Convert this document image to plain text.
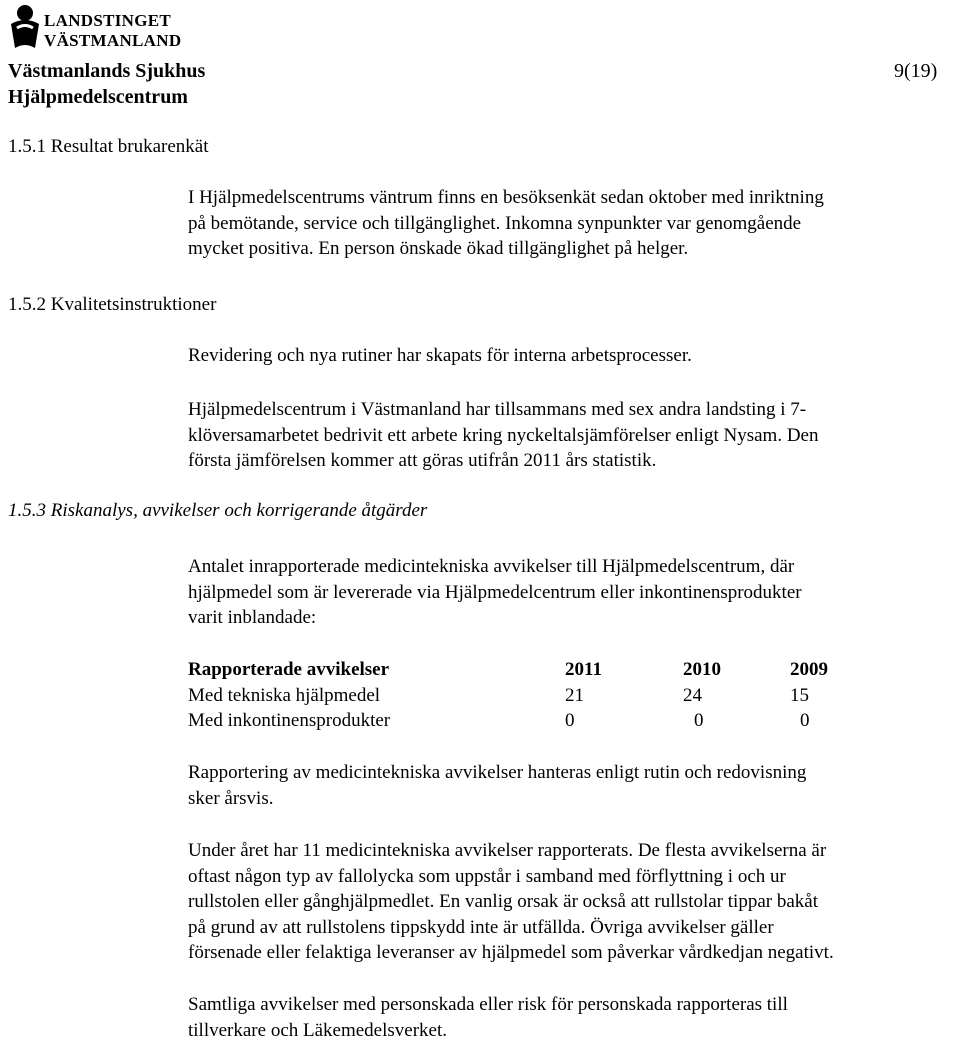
LANDSTINGET
VÄSTMANLAND
Västmanlands Sjukhus
Hjälpmedelscentrum
9(19)
1.5.1 Resultat brukarenkät
I Hjälpmedelscentrums väntrum finns en besöksenkät sedan oktober med inriktning
på bemötande, service och tillgänglighet. Inkomna synpunkter var genomgående
mycket positiva. En person önskade ökad tillgänglighet på helger.
1.5.2 Kvalitetsinstruktioner
Revidering och nya rutiner har skapats för interna arbetsprocesser.
Hjälpmedelscentrum i Västmanland har tillsammans med sex andra landsting i 7-
klöversamarbetet bedrivit ett arbete kring nyckeltalsjämförelser enligt Nysam. Den
första jämförelsen kommer att göras utifrån 2011 års statistik.
1.5.3 Riskanalys, avvikelser och korrigerande åtgärder
Antalet inrapporterade medicintekniska avvikelser till Hjälpmedelscentrum, där
hjälpmedel som är levererade via Hjälpmedelcentrum eller inkontinensprodukter
varit inblandade:
Rapporterade avvikelser	2011	2010	2009
Med tekniska hjälpmedel	21	24	15
Med inkontinensprodukter	0	0	0
Rapportering av medicintekniska avvikelser hanteras enligt rutin och redovisning
sker årsvis.
Under året har 11 medicintekniska avvikelser rapporterats. De flesta avvikelserna är
oftast någon typ av fallolycka som uppstår i samband med förflyttning i och ur
rullstolen eller gånghjälpmedlet. En vanlig orsak är också att rullstolar tippar bakåt
på grund av att rullstolens tippskydd inte är utfällda. Övriga avvikelser gäller
försenade eller felaktiga leveranser av hjälpmedel som påverkar vårdkedjan negativt.
Samtliga avvikelser med personskada eller risk för personskada rapporteras till
tillverkare och Läkemedelsverket.
